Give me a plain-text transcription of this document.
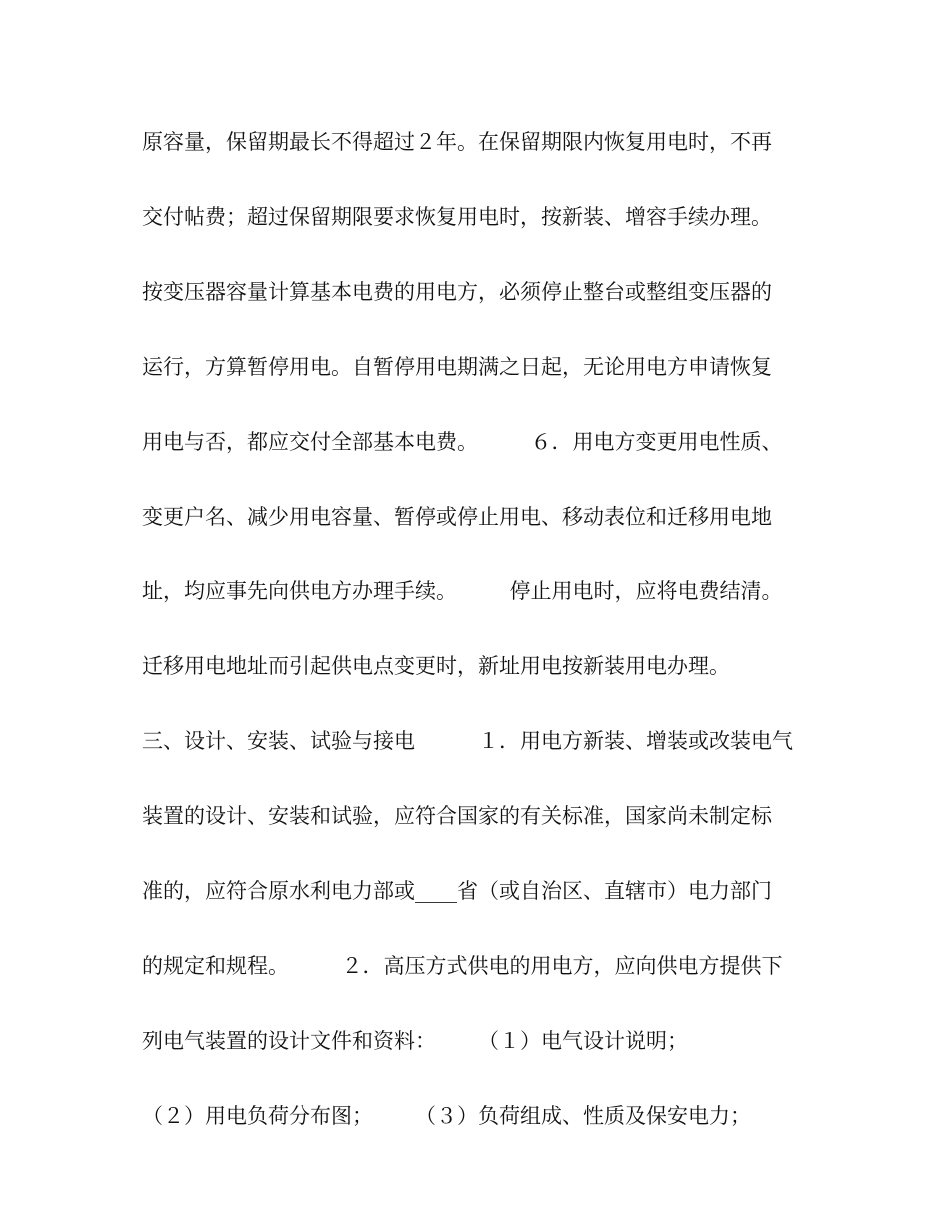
原容量，保留期最长不得超过２年。在保留期限内恢复用电时，不再
交付帖费；超过保留期限要求恢复用电时，按新装、增容手续办理。
按变压器容量计算基本电费的用电方，必须停止整台或整组变压器的
运行，方算暂停用电。自暂停用电期满之日起，无论用电方申请恢复
用电与否，都应交付全部基本电费。　　　６．用电方变更用电性质、
变更户名、减少用电容量、暂停或停止用电、移动表位和迁移用电地
址，均应事先向供电方办理手续。　　　停止用电时，应将电费结清。
迁移用电地址而引起供电点变更时，新址用电按新装用电办理。
三、设计、安装、试验与接电　　　１．用电方新装、增装或改装电气
装置的设计、安装和试验，应符合国家的有关标准，国家尚未制定标
准的，应符合原水利电力部或____省（或自治区、直辖市）电力部门
的规定和规程。　　　２．高压方式供电的用电方，应向供电方提供下
列电气装置的设计文件和资料：　　　（１）电气设计说明；
（２）用电负荷分布图；　　　（３）负荷组成、性质及保安电力；
